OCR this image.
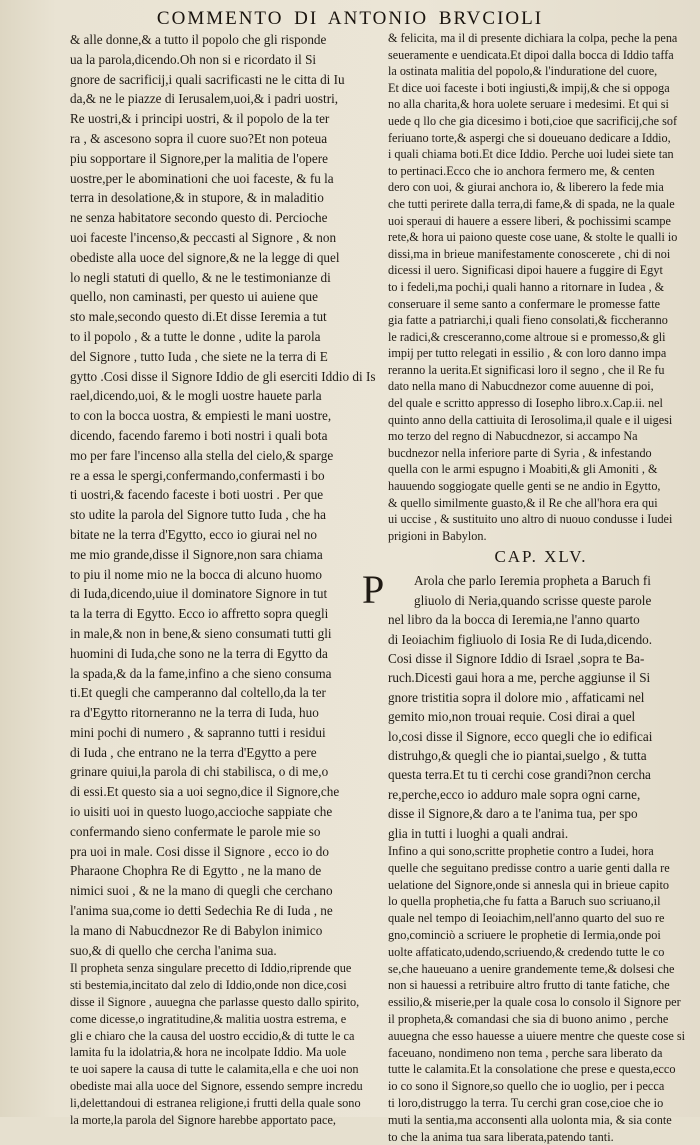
COMMENTO DI ANTONIO BRVCIOLI
& alle donne,& a tutto il popolo che gli risponde
ua la parola,dicendo.Oh non si e ricordato il Si
gnore de sacrificij,i quali sacrificasti ne le citta di Iu
da,& ne le piazze di Ierusalem,uoi,& i padri uostri,
Re uostri,& i principi uostri, & il popolo de la ter
ra , & ascesono sopra il cuore suo?Et non poteua
piu sopportare il Signore,per la malitia de l'opere
uostre,per le abominationi che uoi faceste, & fu la
terra in desolatione,& in stupore, & in maladitio
ne senza habitatore secondo questo di. Percioche
uoi faceste l'incenso,& peccasti al Signore , & non
obediste alla uoce del signore,& ne la legge di quel
lo negli statuti di quello, & ne le testimonianze di
quello, non caminasti, per questo ui auiene que
sto male,secondo questo di.Et disse Ieremia a tut
to il popolo , & a tutte le donne , udite la parola
del Signore , tutto Iuda , che siete ne la terra di E
gytto .Cosi disse il Signore Iddio de gli eserciti Iddio di Is
rael,dicendo,uoi, & le mogli uostre hauete parla
to con la bocca uostra, & empiesti le mani uostre,
dicendo, facendo faremo i boti nostri i quali bota
mo per fare l'incenso alla stella del cielo,& sparge
re a essa le spergi,confermando,confermasti i bo
ti uostri,& facendo faceste i boti uostri . Per que
sto udite la parola del Signore tutto Iuda , che ha
bitate ne la terra d'Egytto, ecco io giurai nel no
me mio grande,disse il Signore,non sara chiama
to piu il nome mio ne la bocca di alcuno huomo
di Iuda,dicendo,uiue il dominatore Signore in tut
ta la terra di Egytto. Ecco io affretto sopra quegli
in male,& non in bene,& sieno consumati tutti gli
huomini di Iuda,che sono ne la terra di Egytto da
la spada,& da la fame,infino a che sieno consuma
ti.Et quegli che camperanno dal coltello,da la ter
ra d'Egytto ritorneranno ne la terra di Iuda, huo
mini pochi di numero , & sapranno tutti i residui
di Iuda , che entrano ne la terra d'Egytto a pere
grinare quiui,la parola di chi stabilisca, o di me,o
di essi.Et questo sia a uoi segno,dice il Signore,che
io uisiti uoi in questo luogo,accioche sappiate che
confermando sieno confermate le parole mie so
pra uoi in male. Cosi disse il Signore , ecco io do
Pharaone Chophra Re di Egytto , ne la mano de
nimici suoi , & ne la mano di quegli che cerchano
l'anima sua,come io detti Sedechia Re di Iuda , ne
la mano di Nabucdnezor Re di Babylon inimico
suo,& di quello che cercha l'anima sua.
Il propheta senza singulare precetto di Iddio,riprende que
sti bestemia,incitato dal zelo di Iddio,onde non dice,cosi
disse il Signore , auuegna che parlasse questo dallo spirito,
come dicesse,o ingratitudine,& malitia uostra estrema, e
gli e chiaro che la causa del uostro eccidio,& di tutte le ca
lamita fu la idolatria,& hora ne incolpate Iddio. Ma uole
te uoi sapere la causa di tutte le calamita,ella e che uoi non
obediste mai alla uoce del Signore, essendo sempre incredu
li,delettandoui di estranea religione,i frutti della quale sono
la morte,la parola del Signore harebbe apportato pace,
& felicita, ma il di presente dichiara la colpa, peche la pena
seueramente e uendicata.Et dipoi dalla bocca di Iddio taffa
la ostinata malitia del popolo,& l'induratione del cuore,
Et dice uoi faceste i boti ingiusti,& impij,& che si oppoga
no alla charita,& hora uolete seruare i medesimi. Et qui si
uede q llo che gia dicesimo i boti,cioe que sacrificij,che sof
feriuano torte,& aspergi che si doueuano dedicare a Iddio,
i quali chiama boti.Et dice Iddio. Perche uoi ludei siete tan
to pertinaci.Ecco che io anchora fermero me, & centen
dero con uoi, & giurai anchora io, & liberero la fede mia
che tutti perirete dalla terra,di fame,& di spada, ne la quale
uoi speraui di hauere a essere liberi, & pochissimi scampe
rete,& hora ui paiono queste cose uane, & stolte le qualli io
dissi,ma in brieue manifestamente conoscerete , chi di noi
dicessi il uero. Significasi dipoi hauere a fuggire di Egyt
to i fedeli,ma pochi,i quali hanno a ritornare in Iudea , &
conseruare il seme santo a confermare le promesse fatte
gia fatte a patriarchi,i quali fieno consolati,& ficcheranno
le radici,& cresceranno,come altroue si e promesso,& gli
impij per tutto relegati in essilio , & con loro danno impa
reranno la uerita.Et significasi loro il segno , che il Re fu
dato nella mano di Nabucdnezor come auuenne di poi,
del quale e scritto appresso di Iosepho libro.x.Cap.ii. nel
quinto anno della cattiuita di Ierosolima,il quale e il uigesi
mo terzo del regno di Nabucdnezor, si accampo Na
bucdnezor nella inferiore parte di Syria , & infestando
quella con le armi espugno i Moabiti,& gli Amoniti , &
hauuendo soggiogate quelle genti se ne andio in Egytto,
& quello similmente guasto,& il Re che all'hora era qui
ui uccise , & sustituito uno altro di nuouo condusse i Iudei
prigioni in Babylon.
CAP. XLV.
P Arola che parlo Ieremia propheta a Baruch fi
gliuolo di Neria,quando scrisse queste parole
nel libro da la bocca di Ieremia,ne l'anno quarto
di Ieoiachim figliuolo di Iosia Re di Iuda,dicendo.
Cosi disse il Signore Iddio di Israel ,sopra te Ba-
ruch.Dicesti gaui hora a me, perche aggiunse il Si
gnore tristitia sopra il dolore mio , affaticami nel
gemito mio,non trouai requie. Cosi dirai a quel
lo,cosi disse il Signore, ecco quegli che io edificai
distruhgo,& quegli che io piantai,suelgo , & tutta
questa terra.Et tu ti cerchi cose grandi?non cercha
re,perche,ecco io adduro male sopra ogni carne,
disse il Signore,& daro a te l'anima tua, per spo
glia in tutti i luoghi a quali andrai.
Infino a qui sono,scritte prophetie contro a Iudei, hora
quelle che seguitano predisse contro a uarie genti dalla re
uelatione del Signore,onde si annesla qui in brieue capito
lo quella prophetia,che fu fatta a Baruch suo scriuano,il
quale nel tempo di Ieoiachim,nell'anno quarto del suo re
gno,cominciò a scriuere le prophetie di Iermia,onde poi
uolte affaticato,udendo,scriuendo,& credendo tutte le co
se,che haueuano a uenire grandemente teme,& dolsesi che
non si hauessi a retribuire altro frutto di tante fatiche, che
essilio,& miserie,per la quale cosa lo consolo il Signore per
il propheta,& comandasi che sia di buono animo , perche
auuegna che esso hauesse a uiuere mentre che queste cose si
faceuano, nondimeno non tema , perche sara liberato da
tutte le calamita.Et la consolatione che prese e questa,ecco
io co sono il Signore,so quello che io uoglio, per i pecca
ti loro,distruggo la terra. Tu cerchi gran cose,cioe che io
muti la sentia,ma acconsenti alla uolonta mia, & sia conte
to che la anima tua sara liberata,patendo tanti.
